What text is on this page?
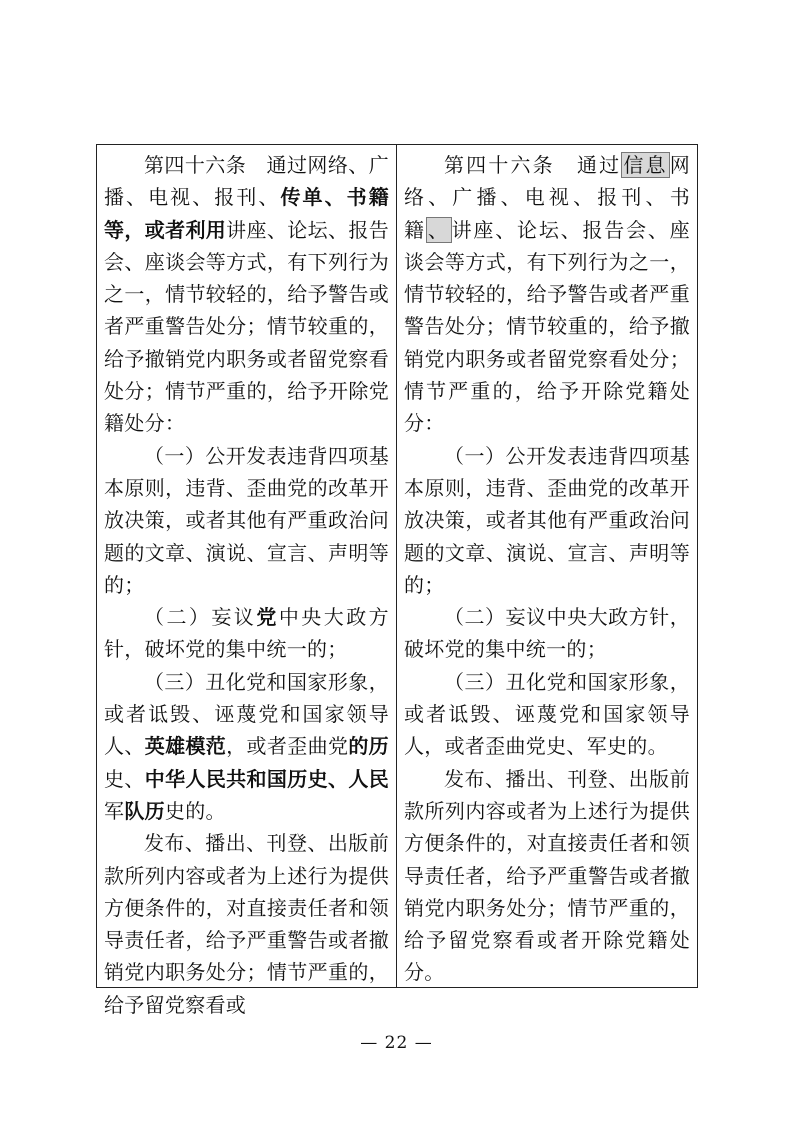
第四十六条　通过网络、广播、电视、报刊、传单、书籍等，或者利用讲座、论坛、报告会、座谈会等方式，有下列行为之一，情节较轻的，给予警告或者严重警告处分；情节较重的，给予撤销党内职务或者留党察看处分；情节严重的，给予开除党籍处分：

（一）公开发表违背四项基本原则，违背、歪曲党的改革开放决策，或者其他有严重政治问题的文章、演说、宣言、声明等的；

（二）妄议党中央大政方针，破坏党的集中统一的；

（三）丑化党和国家形象，或者诋毁、诬蔑党和国家领导人、英雄模范，或者歪曲党的历史、中华人民共和国历史、人民军队历史的。

发布、播出、刊登、出版前款所列内容或者为上述行为提供方便条件的，对直接责任者和领导责任者，给予严重警告或者撤销党内职务处分；情节严重的，给予留党察看或

第四十六条　通过 信息 网络、广播、电视、报刊、书籍 、 讲座、论坛、报告会、座谈会等方式，有下列行为之一，情节较轻的，给予警告或者严重警告处分；情节较重的，给予撤销党内职务或者留党察看处分；情节严重的，给予开除党籍处分：

（一）公开发表违背四项基本原则，违背、歪曲党的改革开放决策，或者其他有严重政治问题的文章、演说、宣言、声明等的；

（二）妄议中央大政方针，破坏党的集中统一的；

（三）丑化党和国家形象，或者诋毁、诬蔑党和国家领导人，或者歪曲党史、军史的。

发布、播出、刊登、出版前款所列内容或者为上述行为提供方便条件的，对直接责任者和领导责任者，给予严重警告或者撤销党内职务处分；情节严重的，给予留党察看或者开除党籍处分。

— 22 —
